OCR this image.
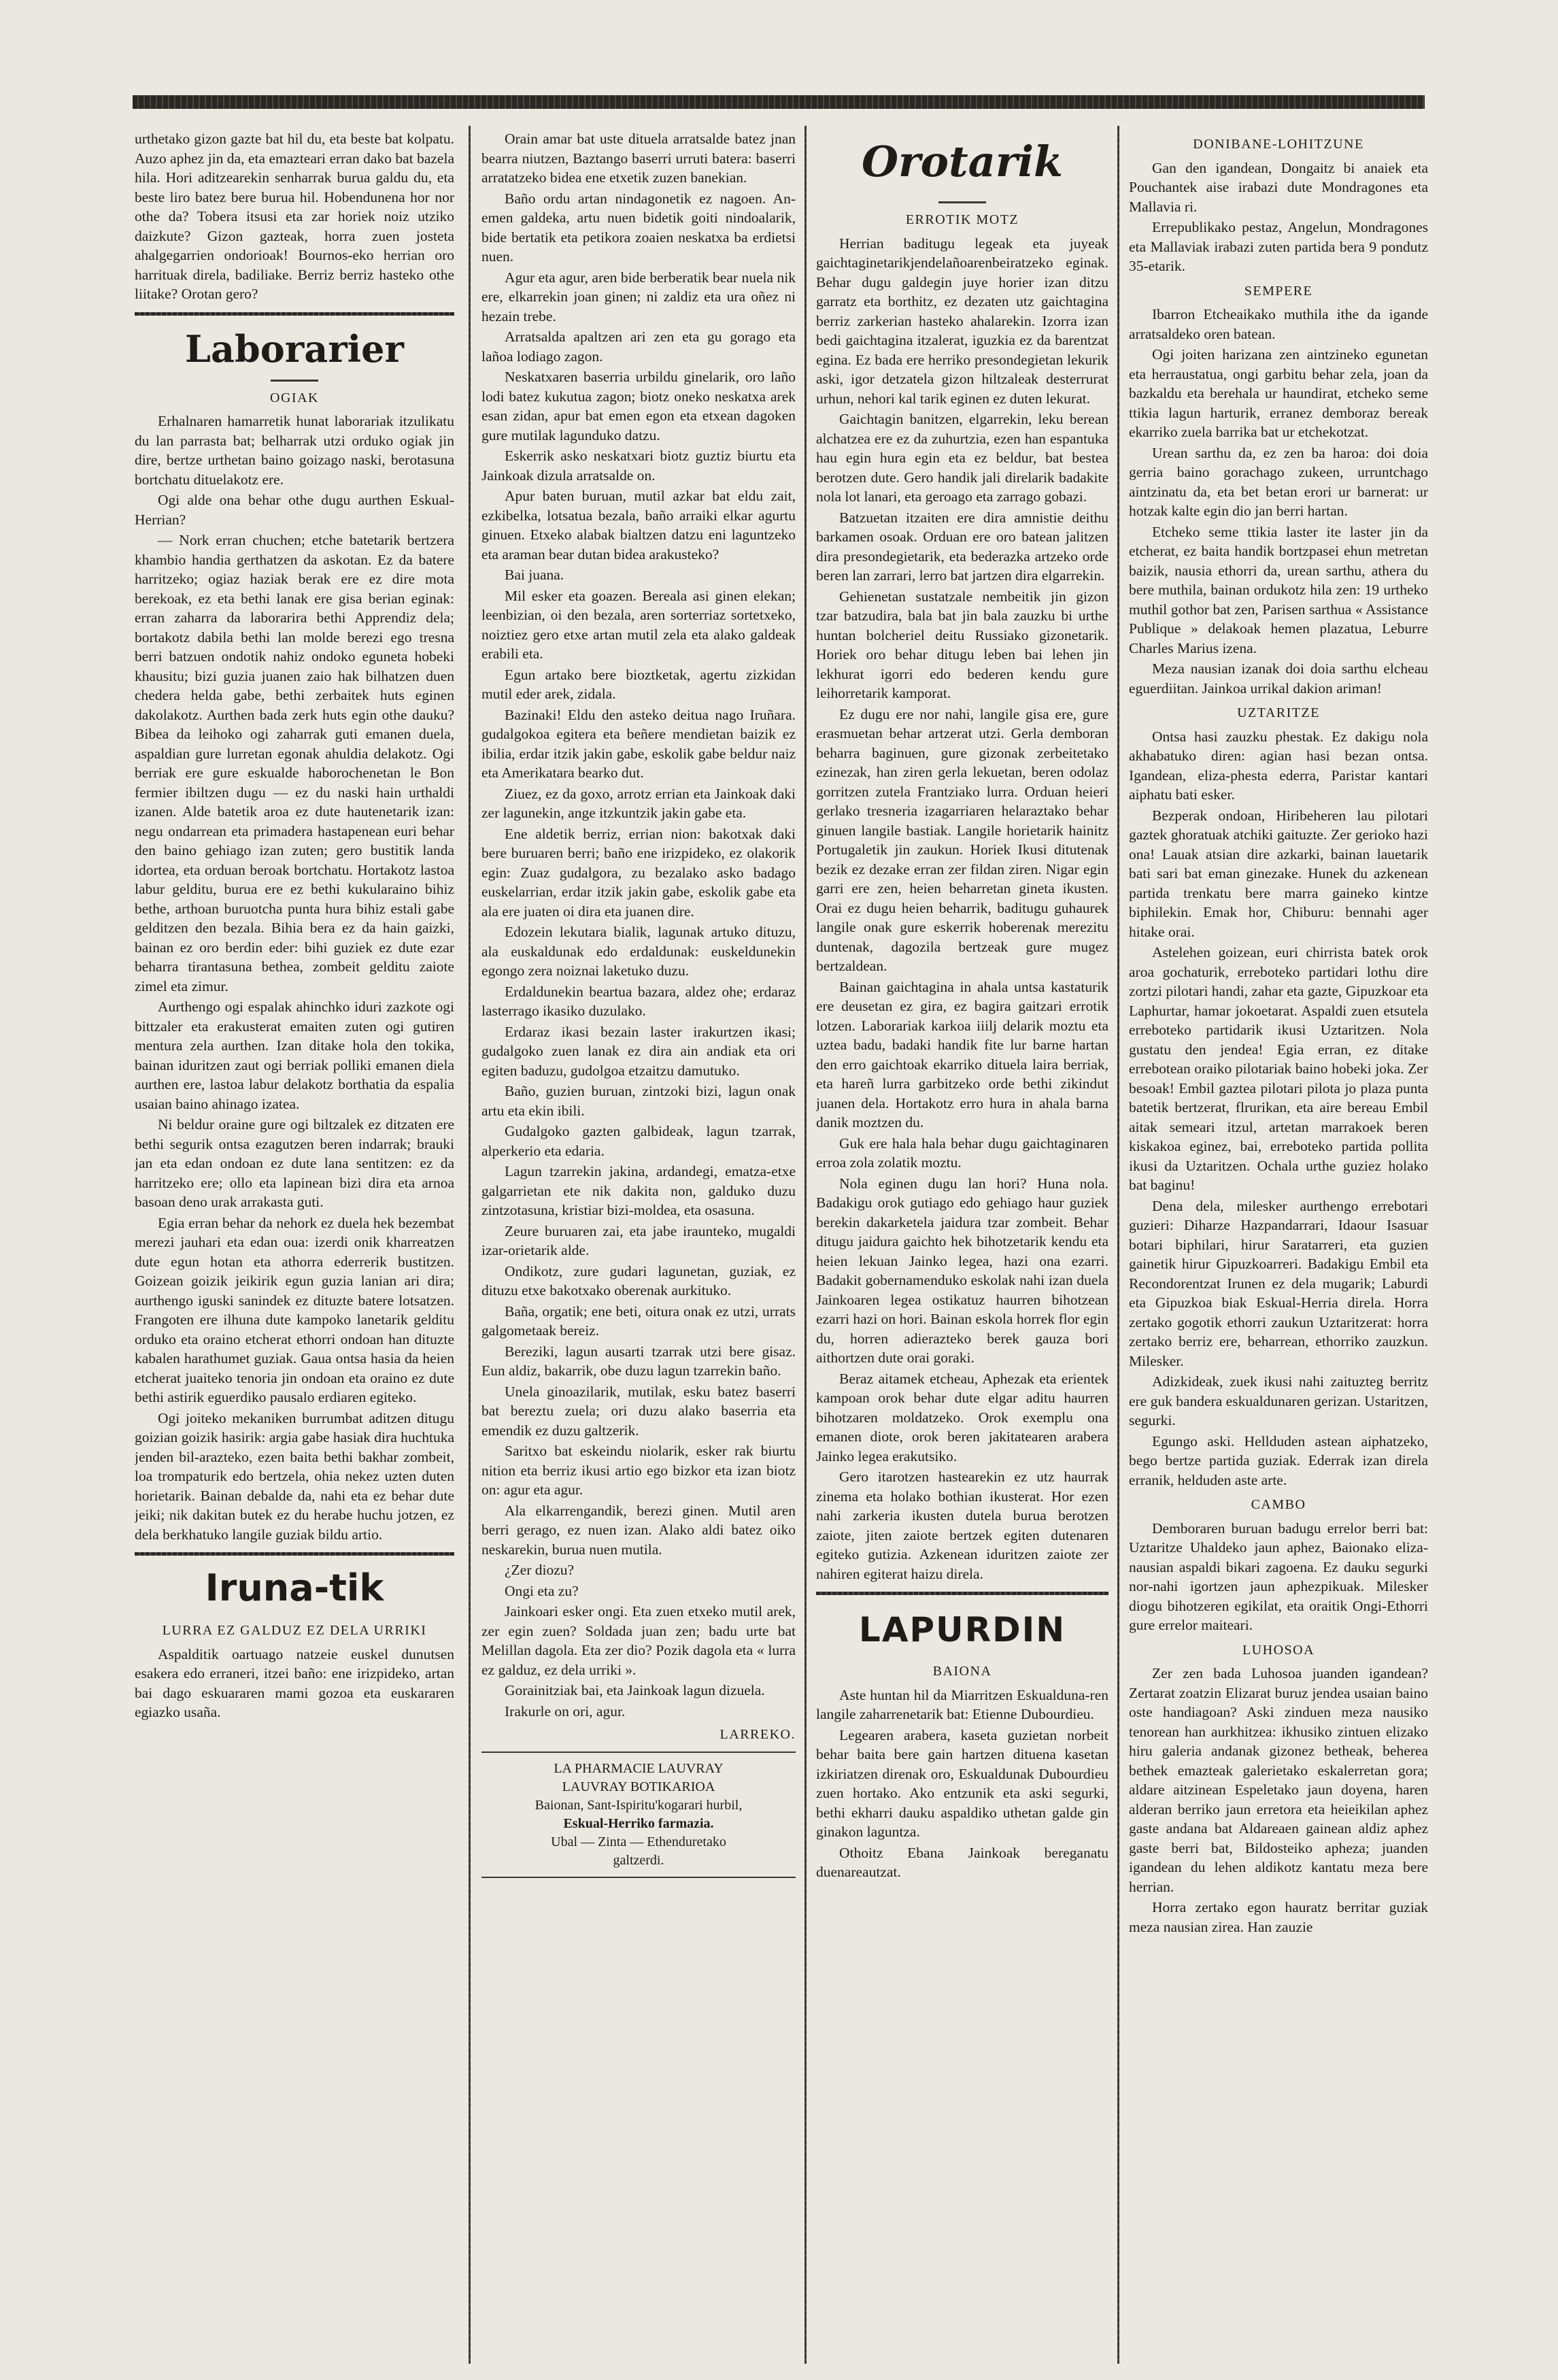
urthetako gizon gazte bat hil du, eta beste bat kolpatu. Auzo aphez jin da, eta emazteari erran dako bat bazela hila. Hori aditzearekin senharrak burua galdu du, eta beste liro batez bere burua hil. Hobendunena hor nor othe da? Tobera itsusi eta zar horiek noiz utziko daizkute? Gizon gazteak, horra zuen josteta ahalgegarrien ondorioak! Bournos-eko herrian oro harrituak direla, badiliake. Berriz berriz hasteko othe liitake? Orotan gero?

Laborarier
OGIAK

Erhalnaren hamarretik hunat laborariak itzulikatu du lan parrasta bat; belharrak utzi orduko ogiak jin dire, bertze urthetan baino goizago naski, berotasuna bortchatu dituelakotz ere.

Ogi alde ona behar othe dugu aurthen Eskual-Herrian?

— Nork erran chuchen; etche batetarik bertzera khambio handia gerthatzen da askotan. Ez da batere harritzeko; ogiaz haziak berak ere ez dire mota berekoak, ez eta bethi lanak ere gisa berian eginak: erran zaharra da laborarira bethi Apprendiz dela; bortakotz dabila bethi lan molde berezi ego tresna berri batzuen ondotik nahiz ondoko eguneta hobeki khausitu; bizi guzia juanen zaio hak bilhatzen duen chedera helda gabe, bethi zerbaitek huts eginen dakolakotz. Aurthen bada zerk huts egin othe dauku? Bibea da leihoko ogi zaharrak guti emanen duela, aspaldian gure lurretan egonak ahuldia delakotz. Ogi berriak ere gure eskualde haborochenetan le Bon fermier ibiltzen dugu — ez du naski hain urthaldi izanen. Alde batetik aroa ez dute hautenetarik izan: negu ondarrean eta primadera hastapenean euri behar den baino gehiago izan zuten; gero bustitik landa idortea, eta orduan beroak bortchatu. Hortakotz lastoa labur gelditu, burua ere ez bethi kukularaino bihiz bethe, arthoan buruotcha punta hura bihiz estali gabe gelditzen den bezala. Bihia bera ez da hain gaizki, bainan ez oro berdin eder: bihi guziek ez dute ezar beharra tirantasuna bethea, zombeit gelditu zaiote zimel eta zimur.

Aurthengo ogi espalak ahinchko iduri zazkote ogi bittzaler eta erakusterat emaiten zuten ogi gutiren mentura zela aurthen. Izan ditake hola den tokika, bainan iduritzen zaut ogi berriak polliki emanen diela aurthen ere, lastoa labur delakotz borthatia da espalia usaian baino ahinago izatea.

Ni beldur oraine gure ogi biltzalek ez ditzaten ere bethi segurik ontsa ezagutzen beren indarrak; brauki jan eta edan ondoan ez dute lana sentitzen: ez da harritzeko ere; ollo eta lapinean bizi dira eta arnoa basoan deno urak arrakasta guti.

Egia erran behar da nehork ez duela hek bezembat merezi jauhari eta edan oua: izerdi onik kharreatzen dute egun hotan eta athorra ederrerik bustitzen. Goizean goizik jeikirik egun guzia lanian ari dira; aurthengo iguski sanindek ez dituzte batere lotsatzen. Frangoten ere ilhuna dute kampoko lanetarik gelditu orduko eta oraino etcherat ethorri ondoan han dituzte kabalen harathumet guziak. Gaua ontsa hasia da heien etcherat juaiteko tenoria jin ondoan eta oraino ez dute bethi astirik eguerdiko pausalo erdiaren egiteko.

Ogi joiteko mekaniken burrumbat aditzen ditugu goizian goizik hasirik: argia gabe hasiak dira huchtuka jenden bil-arazteko, ezen baita bethi bakhar zombeit, loa trompaturik edo bertzela, ohia nekez uzten duten horietarik. Bainan debalde da, nahi eta ez behar dute jeiki; nik dakitan butek ez du herabe huchu jotzen, ez dela berkhatuko langile guziak bildu artio.

Iruna-tik
LURRA EZ GALDUZ EZ DELA URRIKI

Aspalditik oartuago natzeie euskel dunutsen esakera edo erraneri, itzei baño: ene irizpideko, artan bai dago eskuararen mami gozoa eta euskararen egiazko usaña.

Orain amar bat uste dituela arratsalde batez jnan bearra niutzen, Baztango baserri urruti batera: baserri arratatzeko bidea ene etxetik zuzen banekian.

Baño ordu artan nindagonetik ez nagoen. An-emen galdeka, artu nuen bidetik goiti nindoalarik, bide bertatik eta petikora zoaien neskatxa ba erdietsi nuen.

Agur eta agur, aren bide berberatik bear nuela nik ere, elkarrekin joan ginen; ni zaldiz eta ura oñez ni hezain trebe.

Arratsalda apaltzen ari zen eta gu gorago eta lañoa lodiago zagon.

Neskatxaren baserria urbildu ginelarik, oro laño lodi batez kukutua zagon; biotz oneko neskatxa arek esan zidan, apur bat emen egon eta etxean dagoken gure mutilak lagunduko datzu.

Eskerrik asko neskatxari biotz guztiz biurtu eta Jainkoak dizula arratsalde on.

Apur baten buruan, mutil azkar bat eldu zait, ezkibelka, lotsatua bezala, baño arraiki elkar agurtu ginuen. Etxeko alabak bialtzen datzu eni laguntzeko eta araman bear dutan bidea arakusteko?

Bai juana.

Mil esker eta goazen. Bereala asi ginen elekan; leenbizian, oi den bezala, aren sorterriaz sortetxeko, noiztiez gero etxe artan mutil zela eta alako galdeak erabili eta.

Egun artako bere bioztketak, agertu zizkidan mutil eder arek, zidala.

Bazinaki! Eldu den asteko deitua nago Iruñara. gudalgokoa egitera eta beñere mendietan baizik ez ibilia, erdar itzik jakin gabe, eskolik gabe beldur naiz eta Amerikatara bearko dut.

Ziuez, ez da goxo, arrotz errian eta Jainkoak daki zer lagunekin, ange itzkuntzik jakin gabe eta.

Ene aldetik berriz, errian nion: bakotxak daki bere buruaren berri; baño ene irizpideko, ez olakorik egin: Zuaz gudalgora, zu bezalako asko badago euskelarrian, erdar itzik jakin gabe, eskolik gabe eta ala ere juaten oi dira eta juanen dire.

Edozein lekutara bialik, lagunak artuko dituzu, ala euskaldunak edo erdaldunak: euskeldunekin egongo zera noiznai laketuko duzu.

Erdaldunekin beartua bazara, aldez ohe; erdaraz lasterrago ikasiko duzulako.

Erdaraz ikasi bezain laster irakurtzen ikasi; gudalgoko zuen lanak ez dira ain andiak eta ori egiten baduzu, gudolgoa etzaitzu damutuko.

Baño, guzien buruan, zintzoki bizi, lagun onak artu eta ekin ibili.

Gudalgoko gazten galbideak, lagun tzarrak, alperkerio eta edaria.

Lagun tzarrekin jakina, ardandegi, ematza-etxe galgarrietan ete nik dakita non, galduko duzu zintzotasuna, kristiar bizi-moldea, eta osasuna.

Zeure buruaren zai, eta jabe iraunteko, mugaldi izar-orietarik alde.

Ondikotz, zure gudari lagunetan, guziak, ez dituzu etxe bakotxako oberenak aurkituko.

Baña, orgatik; ene beti, oitura onak ez utzi, urrats galgometaak bereiz.

Bereziki, lagun ausarti tzarrak utzi bere gisaz. Eun aldiz, bakarrik, obe duzu lagun tzarrekin baño.

Unela ginoazilarik, mutilak, esku batez baserri bat bereztu zuela; ori duzu alako baserria eta emendik ez duzu galtzerik.

Saritxo bat eskeindu niolarik, esker rak biurtu nition eta berriz ikusi artio ego bizkor eta izan biotz on: agur eta agur.

Ala elkarrengandik, berezi ginen. Mutil aren berri gerago, ez nuen izan. Alako aldi batez oiko neskarekin, burua nuen mutila.

¿Zer diozu?

Ongi eta zu?

Jainkoari esker ongi. Eta zuen etxeko mutil arek, zer egin zuen? Soldada juan zen; badu urte bat Melillan dagola. Eta zer dio? Pozik dagola eta « lurra ez galduz, ez dela urriki ».

Gorainitziak bai, eta Jainkoak lagun dizuela.

Irakurle on ori, agur.

LARREKO.
LA PHARMACIE LAUVRAY
LAUVRAY BOTIKARIOA
Baionan, Sant-Ispiritu'kogarari hurbil,
Eskual-Herriko farmazia.
Ubal — Zinta — Ethenduretako
galtzerdi.
Orotarik
ERROTIK MOTZ

Herrian baditugu legeak eta juyeak gaichtaginetarikjendelañoarenbeiratzeko eginak. Behar dugu galdegin juye horier izan ditzu garratz eta borthitz, ez dezaten utz gaichtagina berriz zarkerian hasteko ahalarekin. Izorra izan bedi gaichtagina itzalerat, iguzkia ez da barentzat egina. Ez bada ere herriko presondegietan lekurik aski, igor detzatela gizon hiltzaleak desterrurat urhun, nehori kal tarik eginen ez duten lekurat.

Gaichtagin banitzen, elgarrekin, leku berean alchatzea ere ez da zuhurtzia, ezen han espantuka hau egin hura egin eta ez beldur, bat bestea berotzen dute. Gero handik jali direlarik badakite nola lot lanari, eta geroago eta zarrago gobazi.

Batzuetan itzaiten ere dira amnistie deithu barkamen osoak. Orduan ere oro batean jalitzen dira presondegietarik, eta bederazka artzeko orde beren lan zarrari, lerro bat jartzen dira elgarrekin.

Gehienetan sustatzale nembeitik jin gizon tzar batzudira, bala bat jin bala zauzku bi urthe huntan bolcheriel deitu Russiako gizonetarik. Horiek oro behar ditugu leben bai lehen jin lekhurat igorri edo bederen kendu gure leihorretarik kamporat.

Ez dugu ere nor nahi, langile gisa ere, gure erasmuetan behar artzerat utzi. Gerla demboran beharra baginuen, gure gizonak zerbeitetako ezinezak, han ziren gerla lekuetan, beren odolaz gorritzen zutela Frantziako lurra. Orduan heieri gerlako tresneria izagarriaren helaraztako behar ginuen langile bastiak. Langile horietarik hainitz Portugaletik jin zaukun. Horiek Ikusi ditutenak bezik ez dezake erran zer fildan ziren. Nigar egin garri ere zen, heien beharretan gineta ikusten. Orai ez dugu heien beharrik, baditugu guhaurek langile onak gure eskerrik hoberenak merezitu duntenak, dagozila bertzeak gure mugez bertzaldean.

Bainan gaichtagina in ahala untsa kastaturik ere deusetan ez gira, ez bagira gaitzari errotik lotzen. Laborariak karkoa iiilj delarik moztu eta uztea badu, badaki handik fite lur barne hartan den erro gaichtoak ekarriko dituela laira berriak, eta hareñ lurra garbitzeko orde bethi zikindut juanen dela. Hortakotz erro hura in ahala barna danik moztzen du.

Guk ere hala hala behar dugu gaichtaginaren erroa zola zolatik moztu.

Nola eginen dugu lan hori? Huna nola. Badakigu orok gutiago edo gehiago haur guziek berekin dakarketela jaidura tzar zombeit. Behar ditugu jaidura gaichto hek bihotzetarik kendu eta heien lekuan Jainko legea, hazi ona ezarri. Badakit gobernamenduko eskolak nahi izan duela Jainkoaren legea ostikatuz haurren bihotzean ezarri hazi on hori. Bainan eskola horrek flor egin du, horren adierazteko berek gauza bori aithortzen dute orai goraki.

Beraz aitamek etcheau, Aphezak eta erientek kampoan orok behar dute elgar aditu haurren bihotzaren moldatzeko. Orok exemplu ona emanen diote, orok beren jakitatearen arabera Jainko legea erakutsiko.

Gero itarotzen hastearekin ez utz haurrak zinema eta holako bothian ikusterat. Hor ezen nahi zarkeria ikusten dutela burua berotzen zaiote, jiten zaiote bertzek egiten dutenaren egiteko gutizia. Azkenean iduritzen zaiote zer nahiren egiterat haizu direla.

LAPURDIN
BAIONA

Aste huntan hil da Miarritzen Eskualduna-ren langile zaharrenetarik bat: Etienne Dubourdieu.

Legearen arabera, kaseta guzietan norbeit behar baita bere gain hartzen dituena kasetan izkiriatzen direnak oro, Eskualdunak Dubourdieu zuen hortako. Ako entzunik eta aski segurki, bethi ekharri dauku aspaldiko uthetan galde gin ginakon laguntza.

Othoitz Ebana Jainkoak bereganatu duenareautzat.

DONIBANE-LOHITZUNE

Gan den igandean, Dongaitz bi anaiek eta Pouchantek aise irabazi dute Mondragones eta Mallavia ri.

Errepublikako pestaz, Angelun, Mondragones eta Mallaviak irabazi zuten partida bera 9 pondutz 35-etarik.

SEMPERE

Ibarron Etcheaikako muthila ithe da igande arratsaldeko oren batean.

Ogi joiten harizana zen aintzineko egunetan eta herraustatua, ongi garbitu behar zela, joan da bazkaldu eta berehala ur haundirat, etcheko seme ttikia lagun harturik, erranez demboraz bereak ekarriko zuela barrika bat ur etchekotzat.

Urean sarthu da, ez zen ba haroa: doi doia gerria baino gorachago zukeen, urruntchago aintzinatu da, eta bet betan erori ur barnerat: ur hotzak kalte egin dio jan berri hartan.

Etcheko seme ttikia laster ite laster jin da etcherat, ez baita handik bortzpasei ehun metretan baizik, nausia ethorri da, urean sarthu, athera du bere muthila, bainan ordukotz hila zen: 19 urtheko muthil gothor bat zen, Parisen sarthua « Assistance Publique » delakoak hemen plazatua, Leburre Charles Marius izena.

Meza nausian izanak doi doia sarthu elcheau eguerdiitan. Jainkoa urrikal dakion ariman!

UZTARITZE

Ontsa hasi zauzku phestak. Ez dakigu nola akhabatuko diren: agian hasi bezan ontsa. Igandean, eliza-phesta ederra, Paristar kantari aiphatu bati esker.

Bezperak ondoan, Hiribeheren lau pilotari gaztek ghoratuak atchiki gaituzte. Zer gerioko hazi ona! Lauak atsian dire azkarki, bainan lauetarik bati sari bat eman ginezake. Hunek du azkenean partida trenkatu bere marra gaineko kintze biphilekin. Emak hor, Chiburu: bennahi ager hitake orai.

Astelehen goizean, euri chirrista batek orok aroa gochaturik, errebotekо partidari lothu dire zortzi pilotari handi, zahar eta gazte, Gipuzkoar eta Laphurtar, hamar jokoetarat. Aspaldi zuen etsutela erreboteko partidarik ikusi Uztaritzen. Nola gustatu den jendea! Egia erran, ez ditake errebotean oraiko pilotariak baino hobeki joka. Zer besoak! Embil gaztea pilotari pilota jo plaza punta batetik bertzerat, flrurikan, eta aire bereau Embil aitak semeari itzul, artetan marrakoek beren kiskakoa eginez, bai, erreboteko partida pollita ikusi da Uztaritzen. Ochala urthe guziez holako bat baginu!

Dena dela, milesker aurthengo errebotari guzieri: Diharze Hazpandarrari, Idaour Isasuar botari biphilari, hirur Saratarreri, eta guzien gainetik hirur Gipuzkoarreri. Badakigu Embil eta Recondorentzat Irunen ez dela mugarik; Laburdi eta Gipuzkoa biak Eskual-Herria direla. Horra zertako gogotik ethorri zaukun Uztaritzerat: horra zertako berriz ere, beharrean, ethorriko zauzkun. Milesker.

Adizkideak, zuek ikusi nahi zaituzteg berritz ere guk bandera eskualdunaren gerizan. Ustaritzen, segurki.

Egungo aski. Hellduden astean aiphatzeko, bego bertze partida guziak. Ederrak izan direla erranik, helduden aste arte.

CAMBO

Demboraren buruan badugu errelor berri bat: Uztaritze Uhaldeko jaun aphez, Baionako eliza-nausian aspaldi bikari zagoena. Ez dauku segurki nor-nahi igortzen jaun aphezpikuak. Milesker diogu bihotzeren egikilat, eta oraitik Ongi-Ethorri gure errelor maiteari.

LUHOSOA

Zer zen bada Luhosoa juanden igandean? Zertarat zoatzin Elizarat buruz jendea usaian baino oste handiagoan? Aski zinduen meza nausiko tenorean han aurkhitzea: ikhusiko zintuen elizako hiru galeria andanak gizonez betheak, beherea bethek emazteak galerietako eskalerretan gora; aldare aitzinean Espeletako jaun doyena, haren alderan berriko jaun erretora eta heieikilan aphez gaste andana bat Aldareaen gainean aldiz aphez gaste berri bat, Bildosteiko apheza; juanden igandean du lehen aldikotz kantatu meza bere herrian.

Horra zertako egon hauratz berritar guziak meza nausian zirea. Han zauzie
